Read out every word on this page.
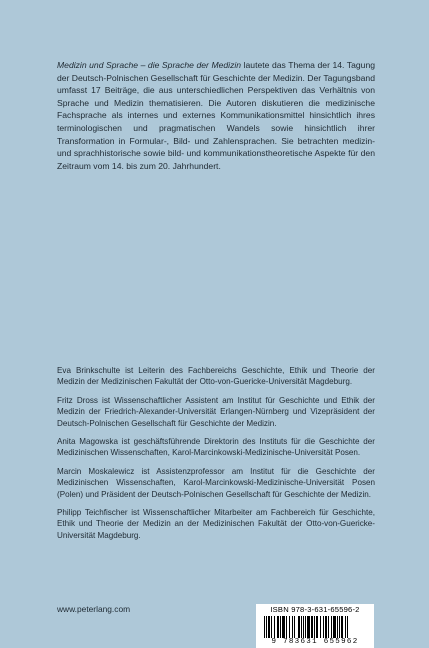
Medizin und Sprache – die Sprache der Medizin lautete das Thema der 14. Tagung der Deutsch-Polnischen Gesellschaft für Geschichte der Medizin. Der Tagungsband umfasst 17 Beiträge, die aus unterschiedlichen Perspektiven das Verhältnis von Sprache und Medizin thematisieren. Die Autoren diskutieren die medizinische Fachsprache als internes und externes Kommunikationsmittel hinsichtlich ihres terminologischen und pragmatischen Wandels sowie hinsichtlich ihrer Transformation in Formular-, Bild- und Zahlensprachen. Sie betrachten medizin- und sprachhistorische sowie bild- und kommunikationstheoretische Aspekte für den Zeitraum vom 14. bis zum 20. Jahrhundert.

Eva Brinkschulte ist Leiterin des Fachbereichs Geschichte, Ethik und Theorie der Medizin der Medizinischen Fakultät der Otto-von-Guericke-Universität Magdeburg.

Fritz Dross ist Wissenschaftlicher Assistent am Institut für Geschichte und Ethik der Medizin der Friedrich-Alexander-Universität Erlangen-Nürnberg und Vizepräsident der Deutsch-Polnischen Gesellschaft für Geschichte der Medizin.

Anita Magowska ist geschäftsführende Direktorin des Instituts für die Geschichte der Medizinischen Wissenschaften, Karol-Marcinkowski-Medizinische-Universität Posen.

Marcin Moskalewicz ist Assistenzprofessor am Institut für die Geschichte der Medizinischen Wissenschaften, Karol-Marcinkowski-Medizinische-Universität Posen (Polen) und Präsident der Deutsch-Polnischen Gesellschaft für Geschichte der Medizin.

Philipp Teichfischer ist Wissenschaftlicher Mitarbeiter am Fachbereich für Geschichte, Ethik und Theorie der Medizin an der Medizinischen Fakultät der Otto-von-Guericke-Universität Magdeburg.

www.peterlang.com	ISBN 978-3-631-65596-2
9 783631 655962
